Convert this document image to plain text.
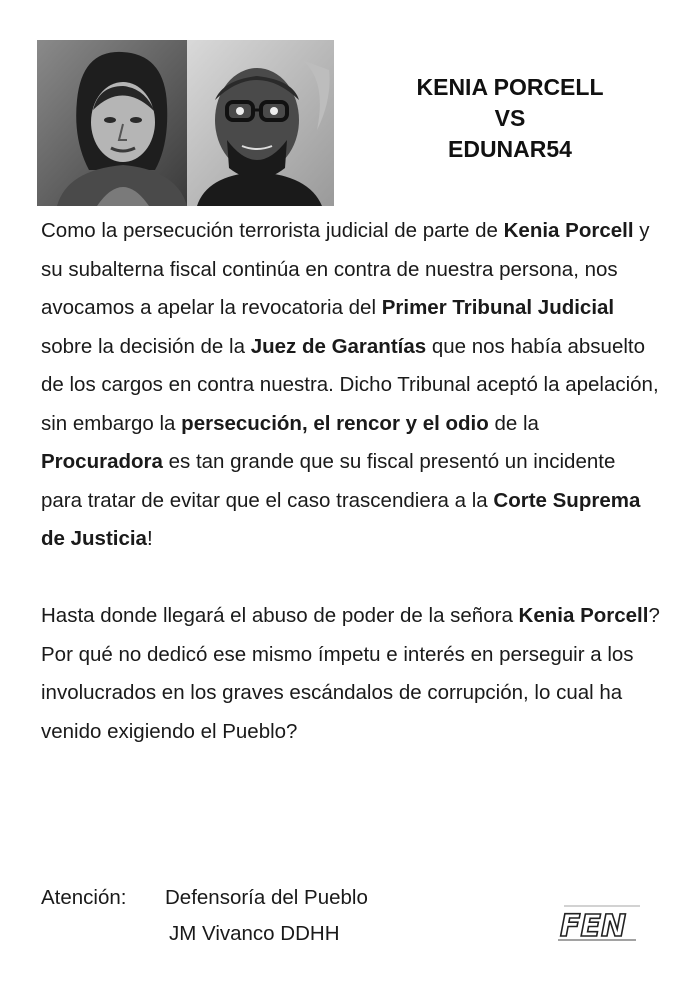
KENIA PORCELL
VS
EDUNAR54

Como la persecución terrorista judicial de parte de Kenia Porcell y su subalterna fiscal continúa en contra de nuestra persona, nos avocamos a apelar la revocatoria del Primer Tribunal Judicial sobre la decisión de la Juez de Garantías que nos había absuelto de los cargos en contra nuestra. Dicho Tribunal aceptó la apelación, sin embargo la persecución, el rencor y el odio de la Procuradora es tan grande que su fiscal presentó un incidente para tratar de evitar que el caso trascendiera a la Corte Suprema de Justicia!

Hasta donde llegará el abuso de poder de la señora Kenia Porcell?

Por qué no dedicó ese mismo ímpetu e interés en perseguir a los involucrados en los graves escándalos de corrupción, lo cual ha venido exigiendo el Pueblo?

Atención: Defensoría del Pueblo
JM Vivanco DDHH	FEN
